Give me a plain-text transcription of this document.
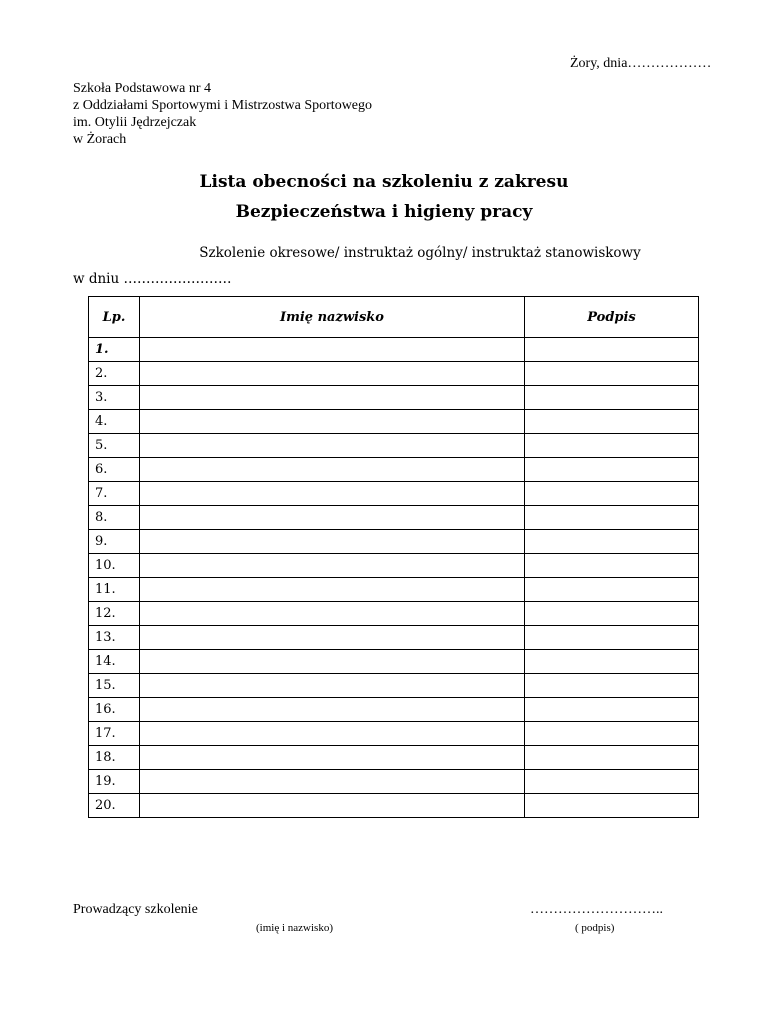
Żory, dnia………………
Szkoła Podstawowa nr 4
z Oddziałami Sportowymi i Mistrzostwa Sportowego
im. Otylii Jędrzejczak
w Żorach
Lista obecności na szkoleniu z zakresu
Bezpieczeństwa i higieny pracy
Szkolenie okresowe/ instruktaż ogólny/ instruktaż stanowiskowy
w dniu ……………………
Lp.	Imię nazwisko	Podpis
1.		
2.		
3.		
4.		
5.		
6.		
7.		
8.		
9.		
10.		
11.		
12.		
13.		
14.		
15.		
16.		
17.		
18.		
19.		
20.		
Prowadzący szkolenie	………………………..
(imię i nazwisko)	( podpis)
